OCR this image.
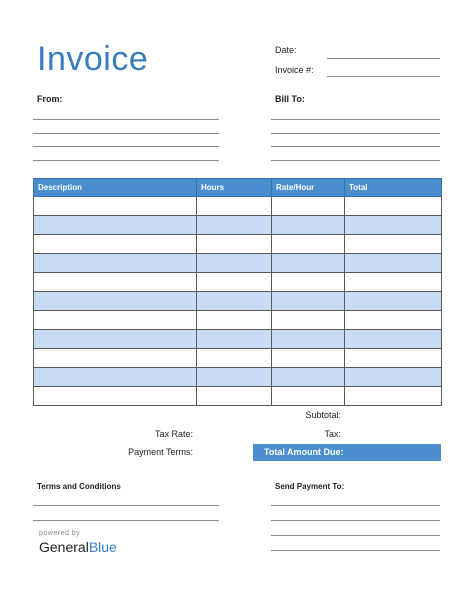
Invoice	Date:
Invoice #:
From:	Bill To:
Description	Hours	Rate/Hour	Total

Subtotal:
Tax Rate:	Tax:
Payment Terms:	Total Amount Due:
Terms and Conditions	Send Payment To:
powered by
GeneralBlue
